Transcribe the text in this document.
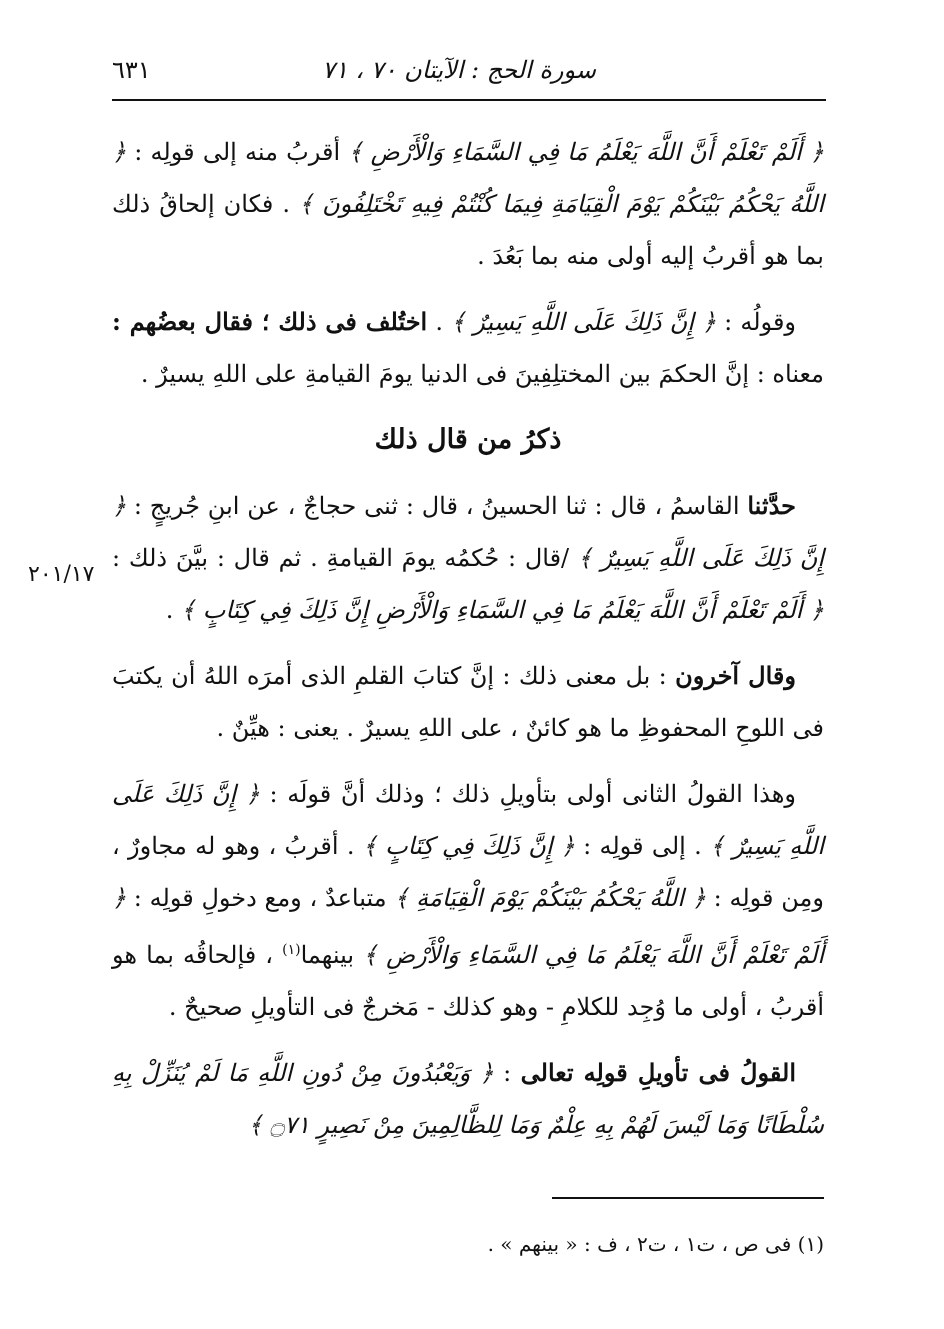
سورة الحج : الآيتان ٧٠ ، ٧١
٦٣١
٢٠١/١٧

﴿ أَلَمْ تَعْلَمْ أَنَّ اللَّهَ يَعْلَمُ مَا فِي السَّمَاءِ وَالْأَرْضِ ﴾ أقربُ منه إلى قولِه : ﴿ اللَّهُ يَحْكُمُ بَيْنَكُمْ يَوْمَ الْقِيَامَةِ فِيمَا كُنْتُمْ فِيهِ تَخْتَلِفُونَ ﴾ . فكان إلحاقُ ذلك بما هو أقربُ إليه أولى منه بما بَعُدَ .

وقولُه : ﴿ إِنَّ ذَلِكَ عَلَى اللَّهِ يَسِيرٌ ﴾ . اختُلف فى ذلك ؛ فقال بعضُهم : معناه : إنَّ الحكمَ بين المختلِفِينَ فى الدنيا يومَ القيامةِ على اللهِ يسيرٌ .

ذكرُ من قال ذلك

حدَّثنا القاسمُ ، قال : ثنا الحسينُ ، قال : ثنى حجاجٌ ، عن ابنِ جُريجٍ : ﴿ إِنَّ ذَلِكَ عَلَى اللَّهِ يَسِيرٌ ﴾ /قال : حُكمُه يومَ القيامةِ . ثم قال : بيَّنَ ذلك : ﴿ أَلَمْ تَعْلَمْ أَنَّ اللَّهَ يَعْلَمُ مَا فِي السَّمَاءِ وَالْأَرْضِ إِنَّ ذَلِكَ فِي كِتَابٍ ﴾ .

وقال آخرون : بل معنى ذلك : إنَّ كتابَ القلمِ الذى أمرَه اللهُ أن يكتبَ فى اللوحِ المحفوظِ ما هو كائنٌ ، على اللهِ يسيرٌ . يعنى : هيِّنٌ .

وهذا القولُ الثانى أولى بتأويلِ ذلك ؛ وذلك أنَّ قولَه : ﴿ إِنَّ ذَلِكَ عَلَى اللَّهِ يَسِيرٌ ﴾ . إلى قولِه : ﴿ إِنَّ ذَلِكَ فِي كِتَابٍ ﴾ . أقربُ ، وهو له مجاورٌ ، ومِن قولِه : ﴿ اللَّهُ يَحْكُمُ بَيْنَكُمْ يَوْمَ الْقِيَامَةِ ﴾ متباعدٌ ، ومع دخولِ قولِه : ﴿ أَلَمْ تَعْلَمْ أَنَّ اللَّهَ يَعْلَمُ مَا فِي السَّمَاءِ وَالْأَرْضِ ﴾ بينهما$^{(١)}$ ، فإلحاقُه بما هو أقربُ ، أولى ما وُجِد للكلامِ - وهو كذلك - مَخرجٌ فى التأويلِ صحيحٌ .

القولُ فى تأويلِ قولِه تعالى : ﴿ وَيَعْبُدُونَ مِنْ دُونِ اللَّهِ مَا لَمْ يُنَزِّلْ بِهِ سُلْطَانًا وَمَا لَيْسَ لَهُمْ بِهِ عِلْمٌ وَمَا لِلظَّالِمِينَ مِنْ نَصِيرٍ ۝٧١ ﴾

(١) فى ص ، ت١ ، ت٢ ، ف : « بينهم » .
